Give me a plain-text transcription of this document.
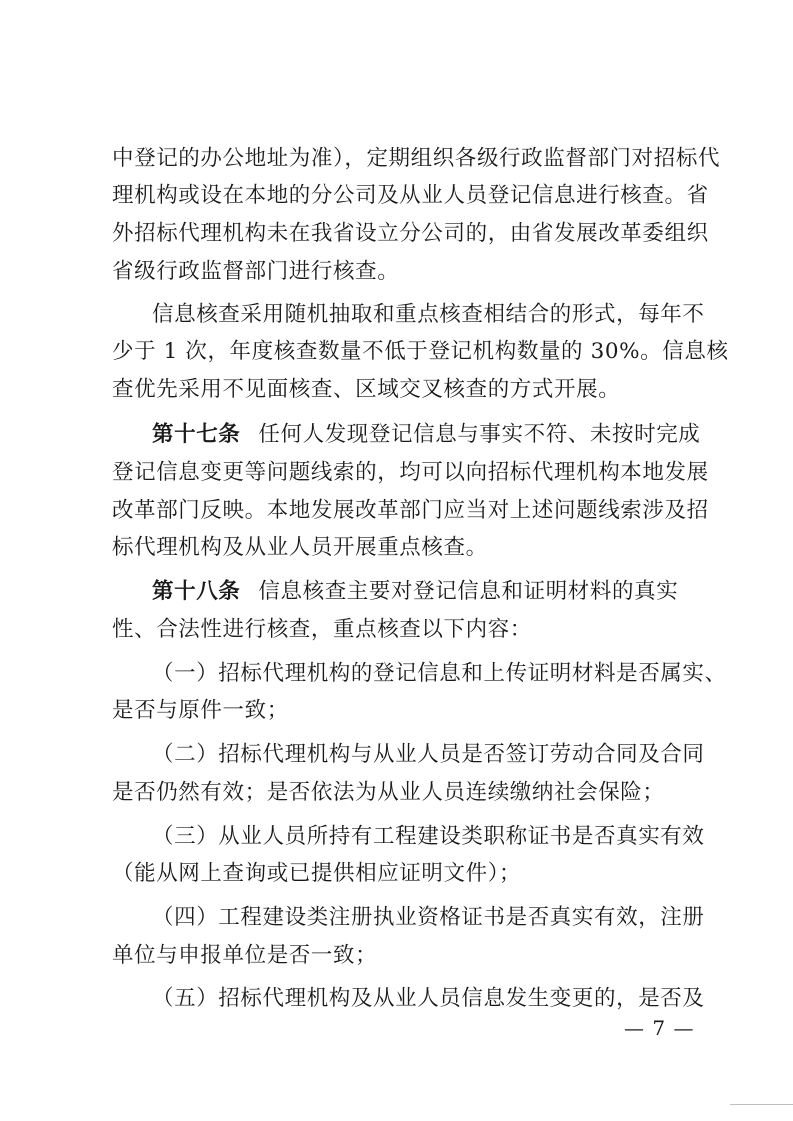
— 7 —
中登记的办公地址为准），定期组织各级行政监督部门对招标代
理机构或设在本地的分公司及从业人员登记信息进行核查。省
外招标代理机构未在我省设立分公司的，由省发展改革委组织
省级行政监督部门进行核查。
信息核查采用随机抽取和重点核查相结合的形式，每年不
少于 1 次，年度核查数量不低于登记机构数量的 30%。信息核
查优先采用不见面核查、区域交叉核查的方式开展。
第十七条 任何人发现登记信息与事实不符、未按时完成
登记信息变更等问题线索的，均可以向招标代理机构本地发展
改革部门反映。本地发展改革部门应当对上述问题线索涉及招
标代理机构及从业人员开展重点核查。
第十八条 信息核查主要对登记信息和证明材料的真实
性、合法性进行核查，重点核查以下内容：
（一）招标代理机构的登记信息和上传证明材料是否属实、
是否与原件一致；
（二）招标代理机构与从业人员是否签订劳动合同及合同
是否仍然有效；是否依法为从业人员连续缴纳社会保险；
（三）从业人员所持有工程建设类职称证书是否真实有效
（能从网上查询或已提供相应证明文件）；
（四）工程建设类注册执业资格证书是否真实有效，注册
单位与申报单位是否一致；
（五）招标代理机构及从业人员信息发生变更的，是否及
